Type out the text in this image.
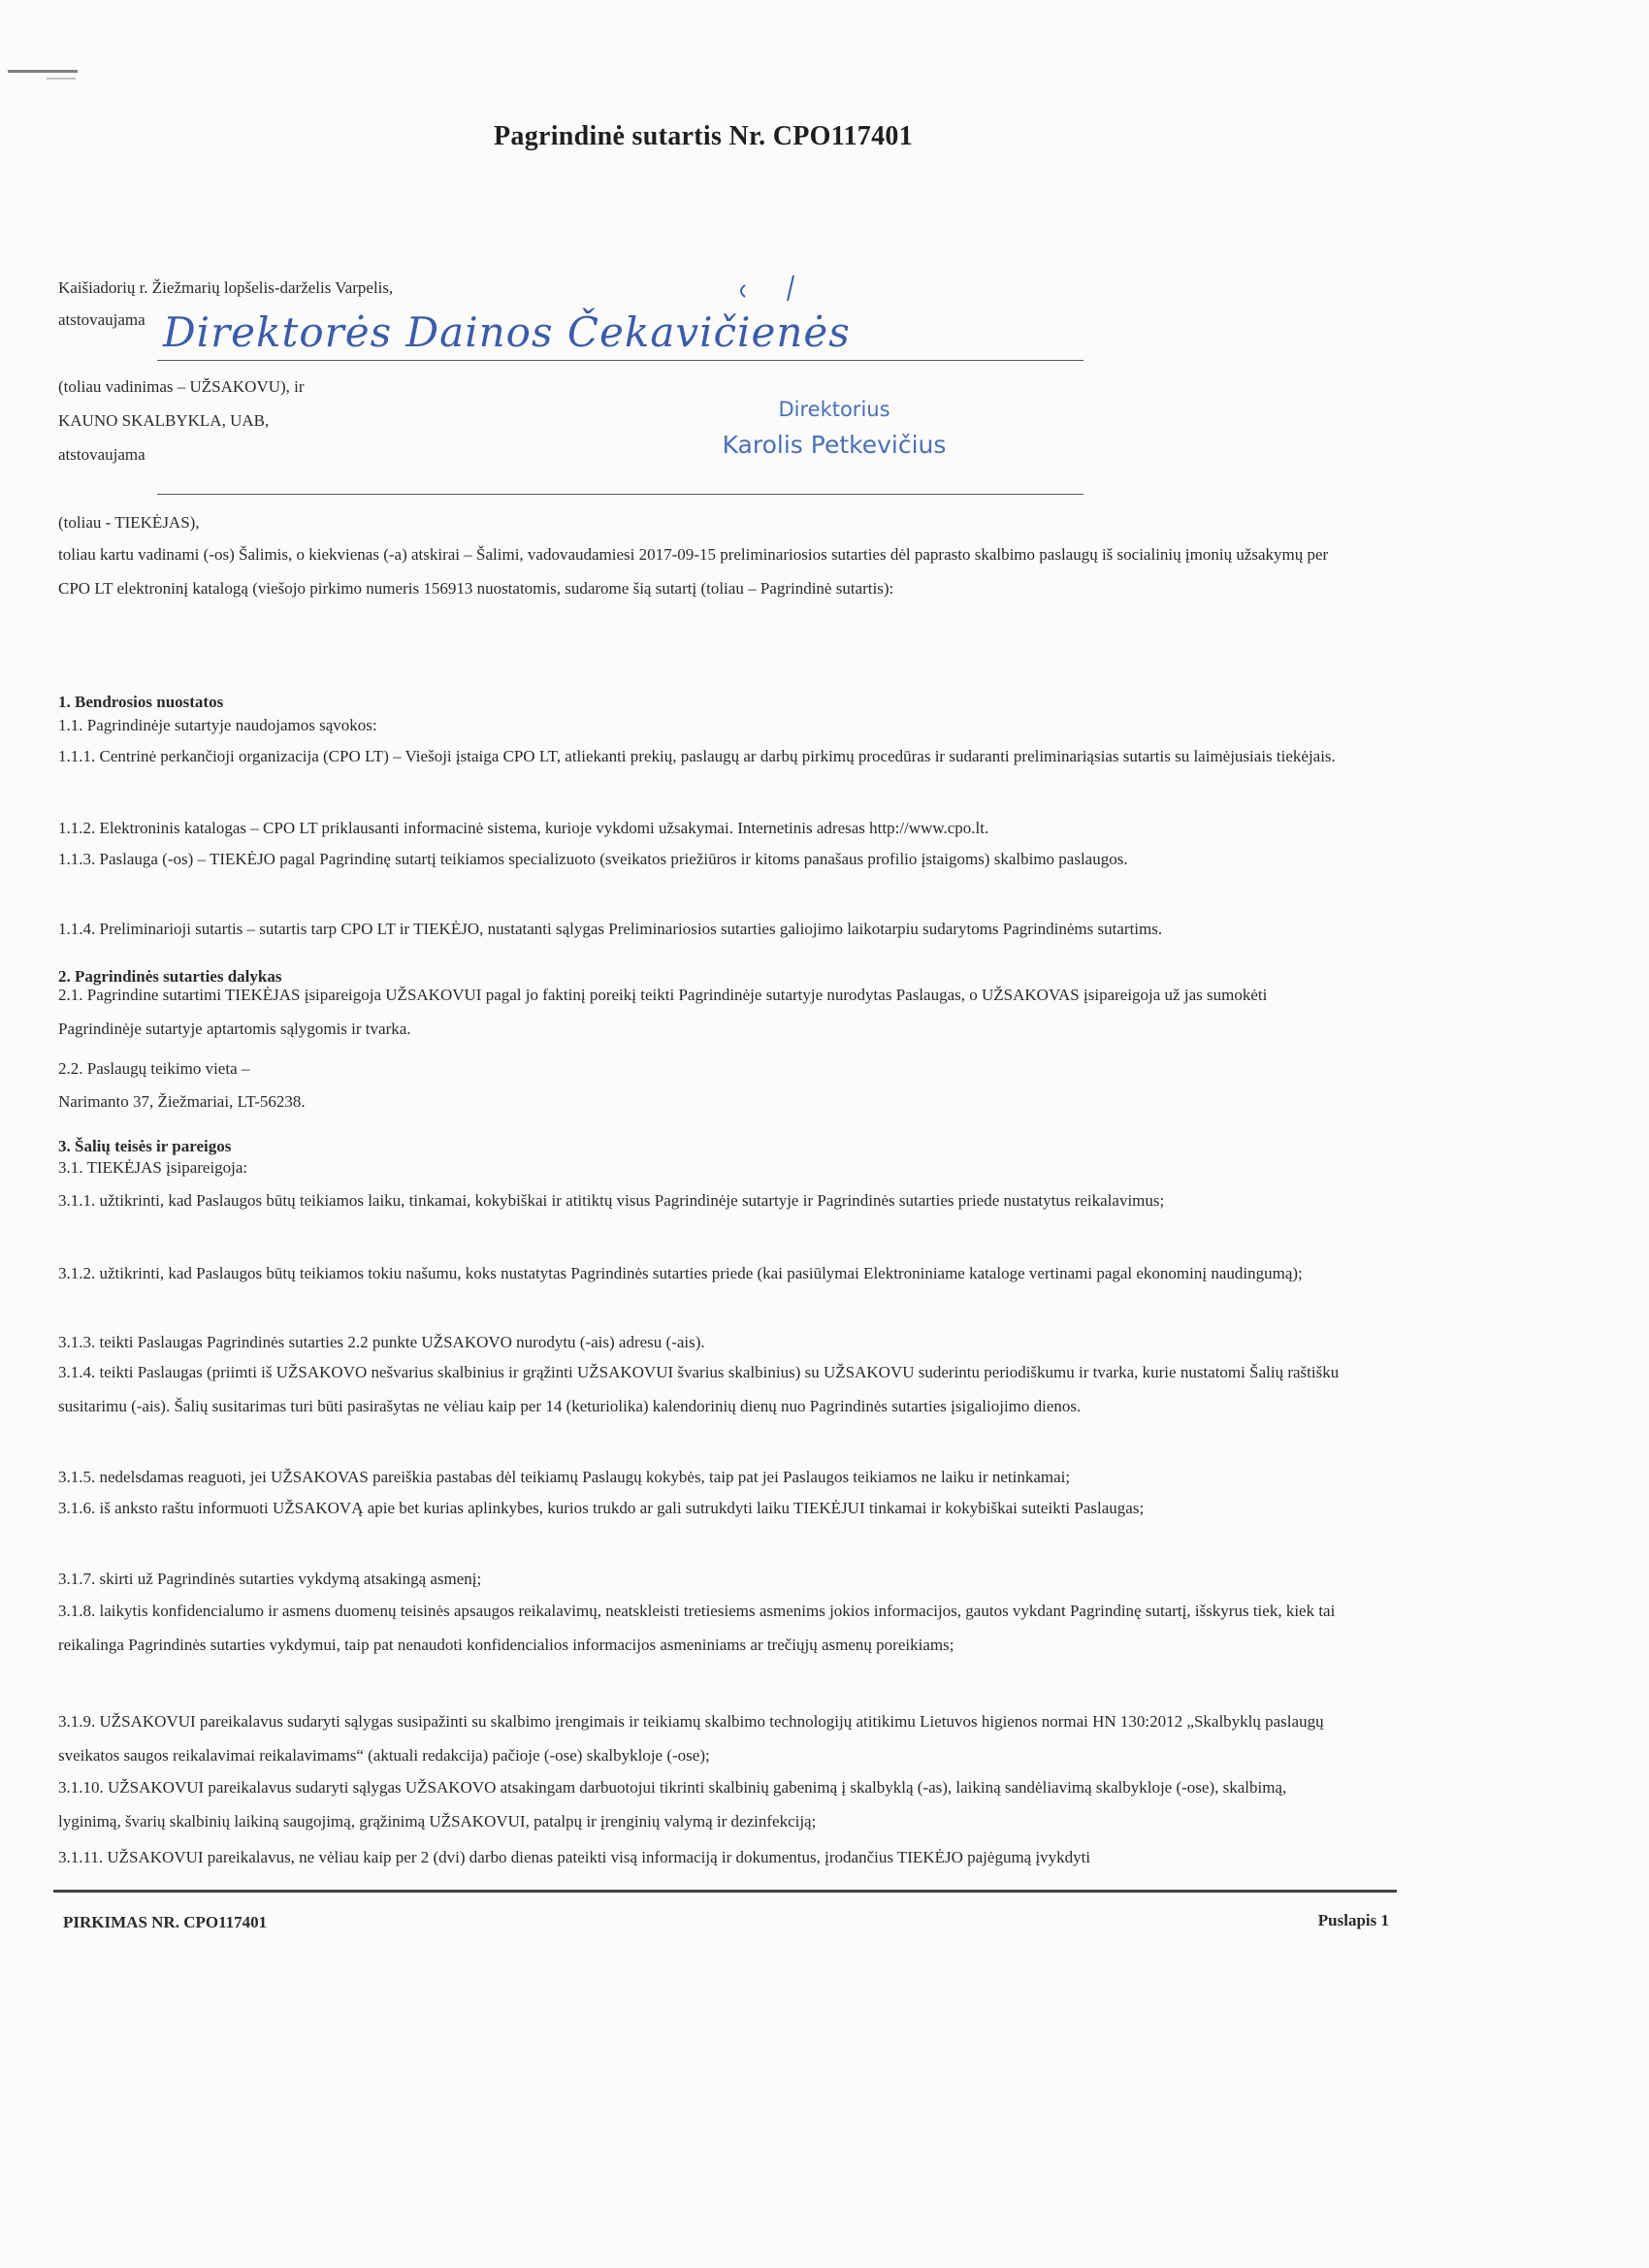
Pagrindinė sutartis Nr. CPO117401
Kaišiadorių r. Žiežmarių lopšelis-darželis Varpelis,
atstovaujama Direktorės Dainos Čekavičienės
(toliau vadinimas – UŽSAKOVU), ir
KAUNO SKALBYKLA, UAB,
atstovaujama
Direktorius
Karolis Petkevičius
(toliau - TIEKĖJAS),
toliau kartu vadinami (-os) Šalimis, o kiekvienas (-a) atskirai – Šalimi, vadovaudamiesi 2017-09-15 preliminariosios sutarties dėl paprasto skalbimo paslaugų iš socialinių įmonių užsakymų per CPO LT elektroninį katalogą (viešojo pirkimo numeris 156913 nuostatomis, sudarome šią sutartį (toliau – Pagrindinė sutartis):
1. Bendrosios nuostatos
1.1. Pagrindinėje sutartyje naudojamos sąvokos:
1.1.1. Centrinė perkančioji organizacija (CPO LT) – Viešoji įstaiga CPO LT, atliekanti prekių, paslaugų ar darbų pirkimų procedūras ir sudaranti preliminariąsias sutartis su laimėjusiais tiekėjais.
1.1.2. Elektroninis katalogas – CPO LT priklausanti informacinė sistema, kurioje vykdomi užsakymai. Internetinis adresas http://www.cpo.lt.
1.1.3. Paslauga (-os) – TIEKĖJO pagal Pagrindinę sutartį teikiamos specializuoto (sveikatos priežiūros ir kitoms panašaus profilio įstaigoms) skalbimo paslaugos.
1.1.4. Preliminarioji sutartis – sutartis tarp CPO LT ir TIEKĖJO, nustatanti sąlygas Preliminariosios sutarties galiojimo laikotarpiu sudarytoms Pagrindinėms sutartims.
2. Pagrindinės sutarties dalykas
2.1. Pagrindine sutartimi TIEKĖJAS įsipareigoja UŽSAKOVUI pagal jo faktinį poreikį teikti Pagrindinėje sutartyje nurodytas Paslaugas, o UŽSAKOVAS įsipareigoja už jas sumokėti Pagrindinėje sutartyje aptartomis sąlygomis ir tvarka.
2.2. Paslaugų teikimo vieta –
Narimanto 37, Žiežmariai, LT-56238.
3. Šalių teisės ir pareigos
3.1. TIEKĖJAS įsipareigoja:
3.1.1. užtikrinti, kad Paslaugos būtų teikiamos laiku, tinkamai, kokybiškai ir atitiktų visus Pagrindinėje sutartyje ir Pagrindinės sutarties priede nustatytus reikalavimus;
3.1.2. užtikrinti, kad Paslaugos būtų teikiamos tokiu našumu, koks nustatytas Pagrindinės sutarties priede (kai pasiūlymai Elektroniniame kataloge vertinami pagal ekonominį naudingumą);
3.1.3. teikti Paslaugas Pagrindinės sutarties 2.2 punkte UŽSAKOVO nurodytu (-ais) adresu (-ais).
3.1.4. teikti Paslaugas (priimti iš UŽSAKOVO nešvarius skalbinius ir grąžinti UŽSAKOVUI švarius skalbinius) su UŽSAKOVU suderintu periodiškumu ir tvarka, kurie nustatomi Šalių raštišku susitarimu (-ais). Šalių susitarimas turi būti pasirašytas ne vėliau kaip per 14 (keturiolika) kalendorinių dienų nuo Pagrindinės sutarties įsigaliojimo dienos.
3.1.5. nedelsdamas reaguoti, jei UŽSAKOVAS pareiškia pastabas dėl teikiamų Paslaugų kokybės, taip pat jei Paslaugos teikiamos ne laiku ir netinkamai;
3.1.6. iš anksto raštu informuoti UŽSAKOVĄ apie bet kurias aplinkybes, kurios trukdo ar gali sutrukdyti laiku TIEKĖJUI tinkamai ir kokybiškai suteikti Paslaugas;
3.1.7. skirti už Pagrindinės sutarties vykdymą atsakingą asmenį;
3.1.8. laikytis konfidencialumo ir asmens duomenų teisinės apsaugos reikalavimų, neatskleisti tretiesiems asmenims jokios informacijos, gautos vykdant Pagrindinę sutartį, išskyrus tiek, kiek tai reikalinga Pagrindinės sutarties vykdymui, taip pat nenaudoti konfidencialios informacijos asmeniniams ar trečiųjų asmenų poreikiams;
3.1.9. UŽSAKOVUI pareikalavus sudaryti sąlygas susipažinti su skalbimo įrengimais ir teikiamų skalbimo technologijų atitikimu Lietuvos higienos normai HN 130:2012 „Skalbyklų paslaugų sveikatos saugos reikalavimai reikalavimams“ (aktuali redakcija) pačioje (-ose) skalbykloje (-ose);
3.1.10. UŽSAKOVUI pareikalavus sudaryti sąlygas UŽSAKOVO atsakingam darbuotojui tikrinti skalbinių gabenimą į skalbyklą (-as), laikiną sandėliavimą skalbykloje (-ose), skalbimą, lyginimą, švarių skalbinių laikiną saugojimą, grąžinimą UŽSAKOVUI, patalpų ir įrenginių valymą ir dezinfekciją;
3.1.11. UŽSAKOVUI pareikalavus, ne vėliau kaip per 2 (dvi) darbo dienas pateikti visą informaciją ir dokumentus, įrodančius TIEKĖJO pajėgumą įvykdyti
PIRKIMAS NR. CPO117401	Puslapis 1
